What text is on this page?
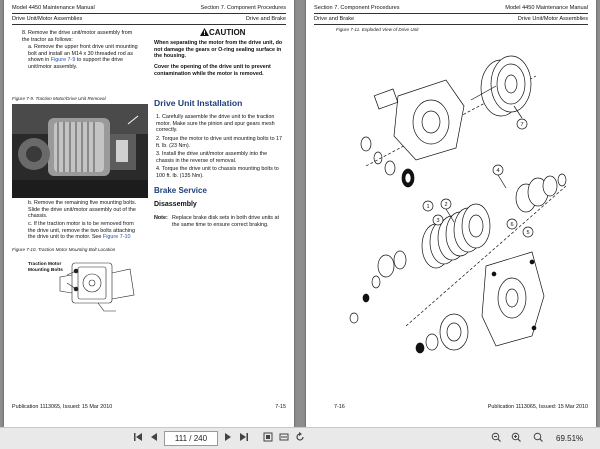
Model 4450 Maintenance Manual	Section 7. Component Procedures
Drive Unit/Motor Assemblies	Drive and Brake
8. Remove the drive unit/motor assembly from the tractor as follows:
a. Remove the upper front drive unit mounting bolt and install an M14 x 30 threaded rod as shown in Figure 7-9 to support the drive unit/motor assembly.
Figure 7-9. Traction Motor/Drive Unit Removal
b. Remove the remaining five mounting bolts. Slide the drive unit/motor assembly out of the chassis.
c. If the traction motor is to be removed from the drive unit, remove the two bolts attaching the drive unit to the motor. See Figure 7-10
Figure 7-10. Traction Motor Mounting Bolt Location
Traction Motor Mounting Bolts
CAUTION
When separating the motor from the drive unit, do not damage the gears or O-ring sealing surface in the housing.
Cover the opening of the drive unit to prevent contamination while the motor is removed.
Drive Unit Installation
1. Carefully assemble the drive unit to the traction motor. Make sure the pinion and spur gears mesh correctly.
2. Torque the motor to drive unit mounting bolts to 17 ft. lb. (23 Nm).
3. Install the drive unit/motor assembly into the chassis in the reverse of removal.
4. Torque the drive unit to chassis mounting bolts to 100 ft. lb. (135 Nm).
Brake Service
Disassembly
Note: Replace brake disk sets in both drive units at the same time to ensure correct braking.
Publication 1113065, Issued: 15 Mar 2010	7-15
Section 7. Component Procedures	Model 4450 Maintenance Manual
Drive and Brake	Drive Unit/Motor Assemblies
Figure 7-11. Exploded View of Drive Unit
7
2
1
3
4
5
6
7-16	Publication 1113065, Issued: 15 Mar 2010
111 / 240	69.51%
